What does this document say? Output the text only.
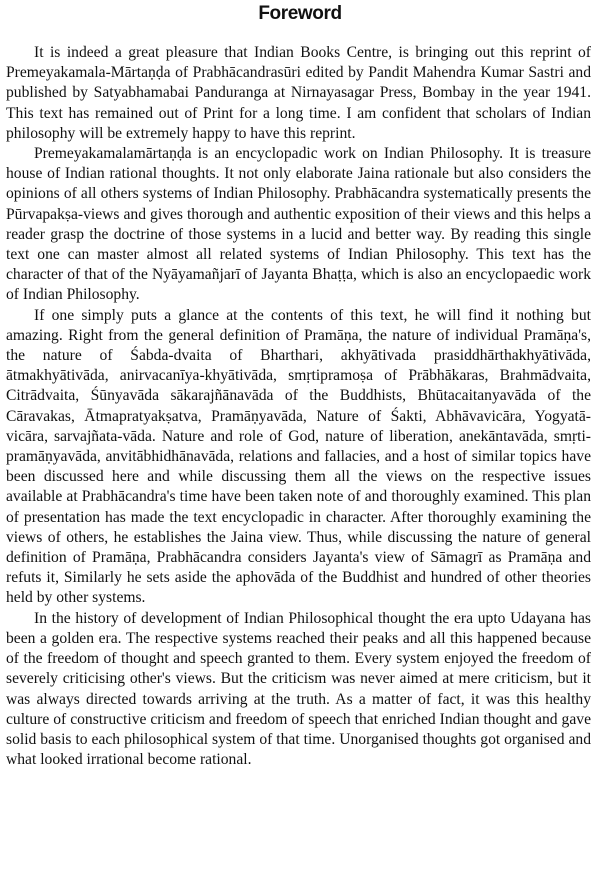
Foreword

It is indeed a great pleasure that Indian Books Centre, is bringing out this reprint of Premeyakamala-Mārtaṇḍa of Prabhācandrasūri edited by Pandit Mahendra Kumar Sastri and published by Satyabhamabai Panduranga at Nirnayasagar Press, Bombay in the year 1941. This text has remained out of Print for a long time. I am confident that scholars of Indian philosophy will be extremely happy to have this reprint.

Premeyakamalamārtaṇḍa is an encyclopadic work on Indian Philosophy. It is treasure house of Indian rational thoughts. It not only elaborate Jaina rationale but also considers the opinions of all others systems of Indian Philosophy. Prabhācandra systematically presents the Pūrvapakṣa-views and gives thorough and authentic exposition of their views and this helps a reader grasp the doctrine of those systems in a lucid and better way. By reading this single text one can master almost all related systems of Indian Philosophy. This text has the character of that of the Nyāyamañjarī of Jayanta Bhaṭṭa, which is also an encyclopaedic work of Indian Philosophy.

If one simply puts a glance at the contents of this text, he will find it nothing but amazing. Right from the general definition of Pramāṇa, the nature of individual Pramāṇa's, the nature of Śabda-dvaita of Bharthari, akhyātivada prasiddhārthakhyātivāda, ātmakhyātivāda, anirvacanīya-khyātivāda, smṛtipramoṣa of Prābhākaras, Brahmādvaita, Citrādvaita, Śūnyavāda sākarajñānavāda of the Buddhists, Bhūtacaitanyavāda of the Cāravakas, Ātmapratyakṣatva, Pramāṇyavāda, Nature of Śakti, Abhāvavicāra, Yogyatā-vicāra, sarvajñata-vāda. Nature and role of God, nature of liberation, anekāntavāda, smṛti-pramāṇyavāda, anvitābhidhānavāda, relations and fallacies, and a host of similar topics have been discussed here and while discussing them all the views on the respective issues available at Prabhācandra's time have been taken note of and thoroughly examined. This plan of presentation has made the text encyclopadic in character. After thoroughly examining the views of others, he establishes the Jaina view. Thus, while discussing the nature of general definition of Pramāṇa, Prabhācandra considers Jayanta's view of Sāmagrī as Pramāṇa and refuts it, Similarly he sets aside the aphovāda of the Buddhist and hundred of other theories held by other systems.

In the history of development of Indian Philosophical thought the era upto Udayana has been a golden era. The respective systems reached their peaks and all this happened because of the freedom of thought and speech granted to them. Every system enjoyed the freedom of severely criticising other's views. But the criticism was never aimed at mere criticism, but it was always directed towards arriving at the truth. As a matter of fact, it was this healthy culture of constructive criticism and freedom of speech that enriched Indian thought and gave solid basis to each philosophical system of that time. Unorganised thoughts got organised and what looked irrational become rational.
